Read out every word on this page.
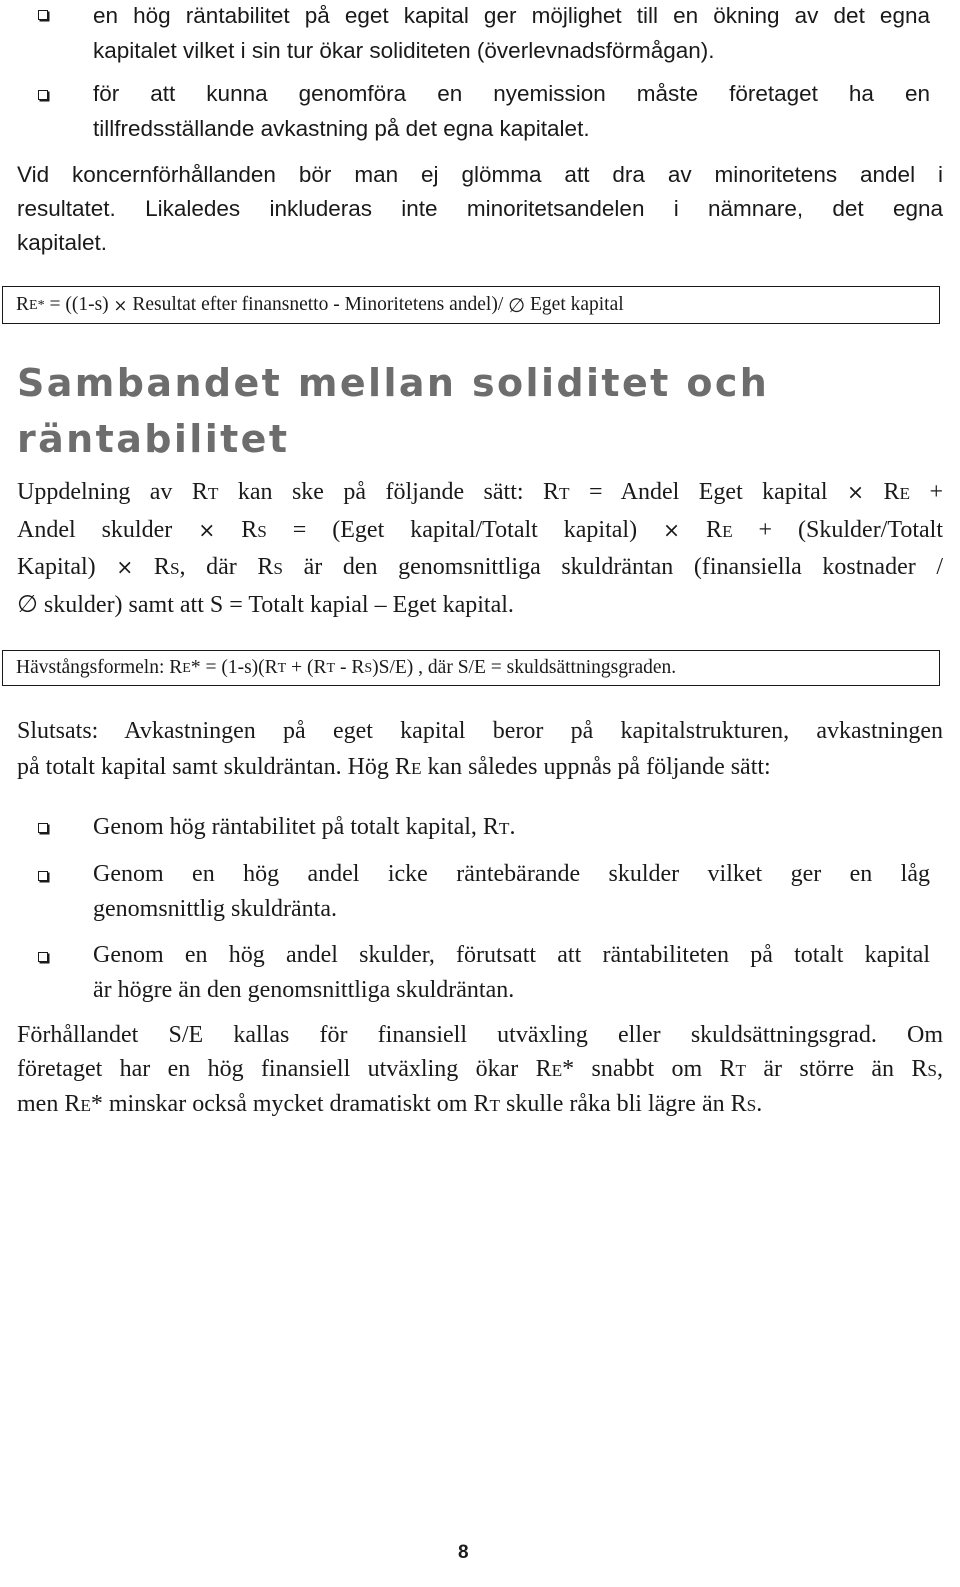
en hög räntabilitet på eget kapital ger möjlighet till en ökning av det egna
kapitalet vilket i sin tur ökar soliditeten (överlevnadsförmågan).
för att kunna genomföra en nyemission måste företaget ha en
tillfredsställande avkastning på det egna kapitalet.
Vid koncernförhållanden bör man ej glömma att dra av minoritetens andel i
resultatet. Likaledes inkluderas inte minoritetsandelen i nämnare, det egna
kapitalet.
R E* = ((1-s) × Resultat efter finansnetto - Minoritetens andel)/ ∅ Eget kapital
Sambandet mellan soliditet och
räntabilitet
Uppdelning av RT kan ske på följande sätt: RT = Andel Eget kapital × RE +
Andel skulder × RS = (Eget kapital/Totalt kapital) × RE + (Skulder/Totalt
Kapital) × RS, där RS är den genomsnittliga skuldräntan (finansiella kostnader /
∅ skulder) samt att S = Totalt kapial – Eget kapital.
Hävstångsformeln: R E * = (1-s)(R T + (R T - R S )S/E) , där S/E = skuldsättningsgraden.
Slutsats: Avkastningen på eget kapital beror på kapitalstrukturen, avkastningen
på totalt kapital samt skuldräntan. Hög RE kan således uppnås på följande sätt:
Genom hög räntabilitet på totalt kapital, RT.
Genom en hög andel icke räntebärande skulder vilket ger en låg
genomsnittlig skuldränta.
Genom en hög andel skulder, förutsatt att räntabiliteten på totalt kapital
är högre än den genomsnittliga skuldräntan.
Förhållandet S/E kallas för finansiell utväxling eller skuldsättningsgrad. Om
företaget har en hög finansiell utväxling ökar RE* snabbt om RT är större än RS,
men RE* minskar också mycket dramatiskt om RT skulle råka bli lägre än RS.
8
